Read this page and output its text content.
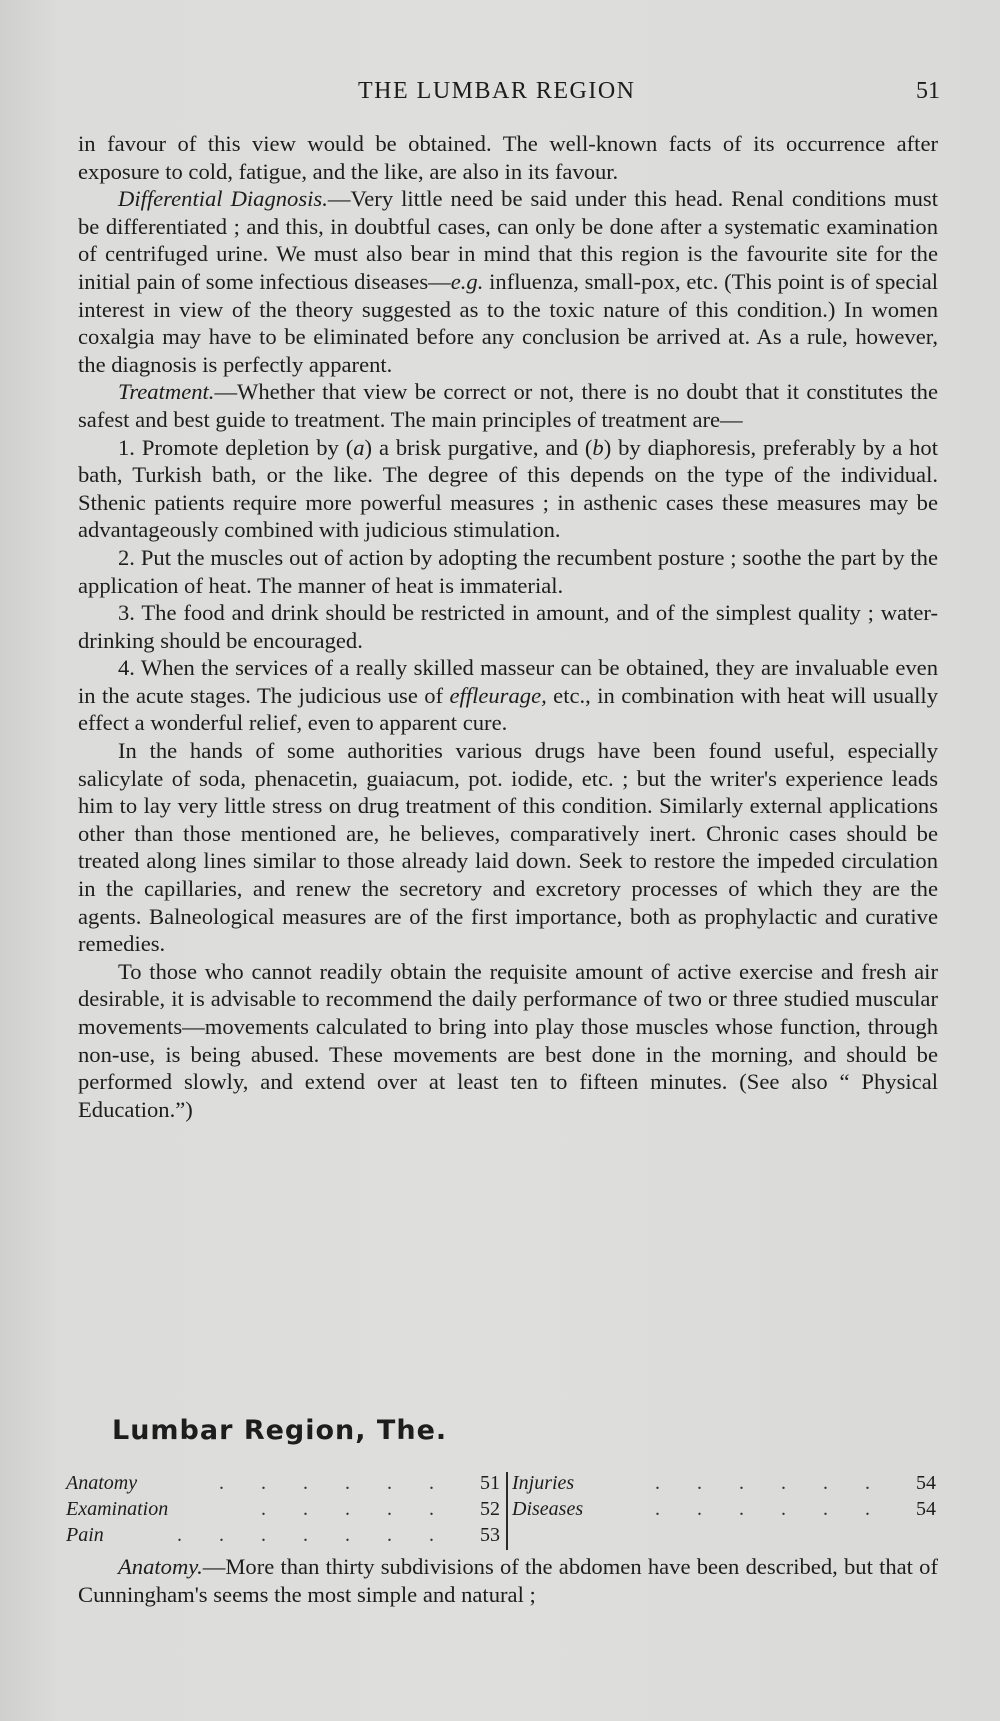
THE LUMBAR REGION	51

in favour of this view would be obtained. The well-known facts of its occurrence after exposure to cold, fatigue, and the like, are also in its favour.

Differential Diagnosis.—Very little need be said under this head. Renal conditions must be differentiated ; and this, in doubtful cases, can only be done after a systematic examination of centrifuged urine. We must also bear in mind that this region is the favourite site for the initial pain of some infectious diseases—e.g. influenza, small-pox, etc. (This point is of special interest in view of the theory suggested as to the toxic nature of this condition.) In women coxalgia may have to be eliminated before any conclusion be arrived at. As a rule, however, the diagnosis is perfectly apparent.

Treatment.—Whether that view be correct or not, there is no doubt that it constitutes the safest and best guide to treatment. The main principles of treatment are—

1. Promote depletion by (a) a brisk purgative, and (b) by diaphoresis, preferably by a hot bath, Turkish bath, or the like. The degree of this depends on the type of the individual. Sthenic patients require more powerful measures ; in asthenic cases these measures may be advantageously combined with judicious stimulation.

2. Put the muscles out of action by adopting the recumbent posture ; soothe the part by the application of heat. The manner of heat is immaterial.

3. The food and drink should be restricted in amount, and of the simplest quality ; water-drinking should be encouraged.

4. When the services of a really skilled masseur can be obtained, they are invaluable even in the acute stages. The judicious use of effleurage, etc., in combination with heat will usually effect a wonderful relief, even to apparent cure.

In the hands of some authorities various drugs have been found useful, especially salicylate of soda, phenacetin, guaiacum, pot. iodide, etc. ; but the writer's experience leads him to lay very little stress on drug treatment of this condition. Similarly external applications other than those mentioned are, he believes, comparatively inert. Chronic cases should be treated along lines similar to those already laid down. Seek to restore the impeded circulation in the capillaries, and renew the secretory and excretory processes of which they are the agents. Balneological measures are of the first importance, both as prophylactic and curative remedies.

To those who cannot readily obtain the requisite amount of active exercise and fresh air desirable, it is advisable to recommend the daily performance of two or three studied muscular movements—movements calculated to bring into play those muscles whose function, through non-use, is being abused. These movements are best done in the morning, and should be performed slowly, and extend over at least ten to fifteen minutes. (See also “ Physical Education.”)

Lumbar Region, The.
Anatomy	. . . . . . 51
Examination	. . . . . 52
Pain	. . . . . . . 53
Injuries	. . . . . . 54
Diseases	. . . . . . 54

Anatomy.—More than thirty subdivisions of the abdomen have been described, but that of Cunningham's seems the most simple and natural ;
